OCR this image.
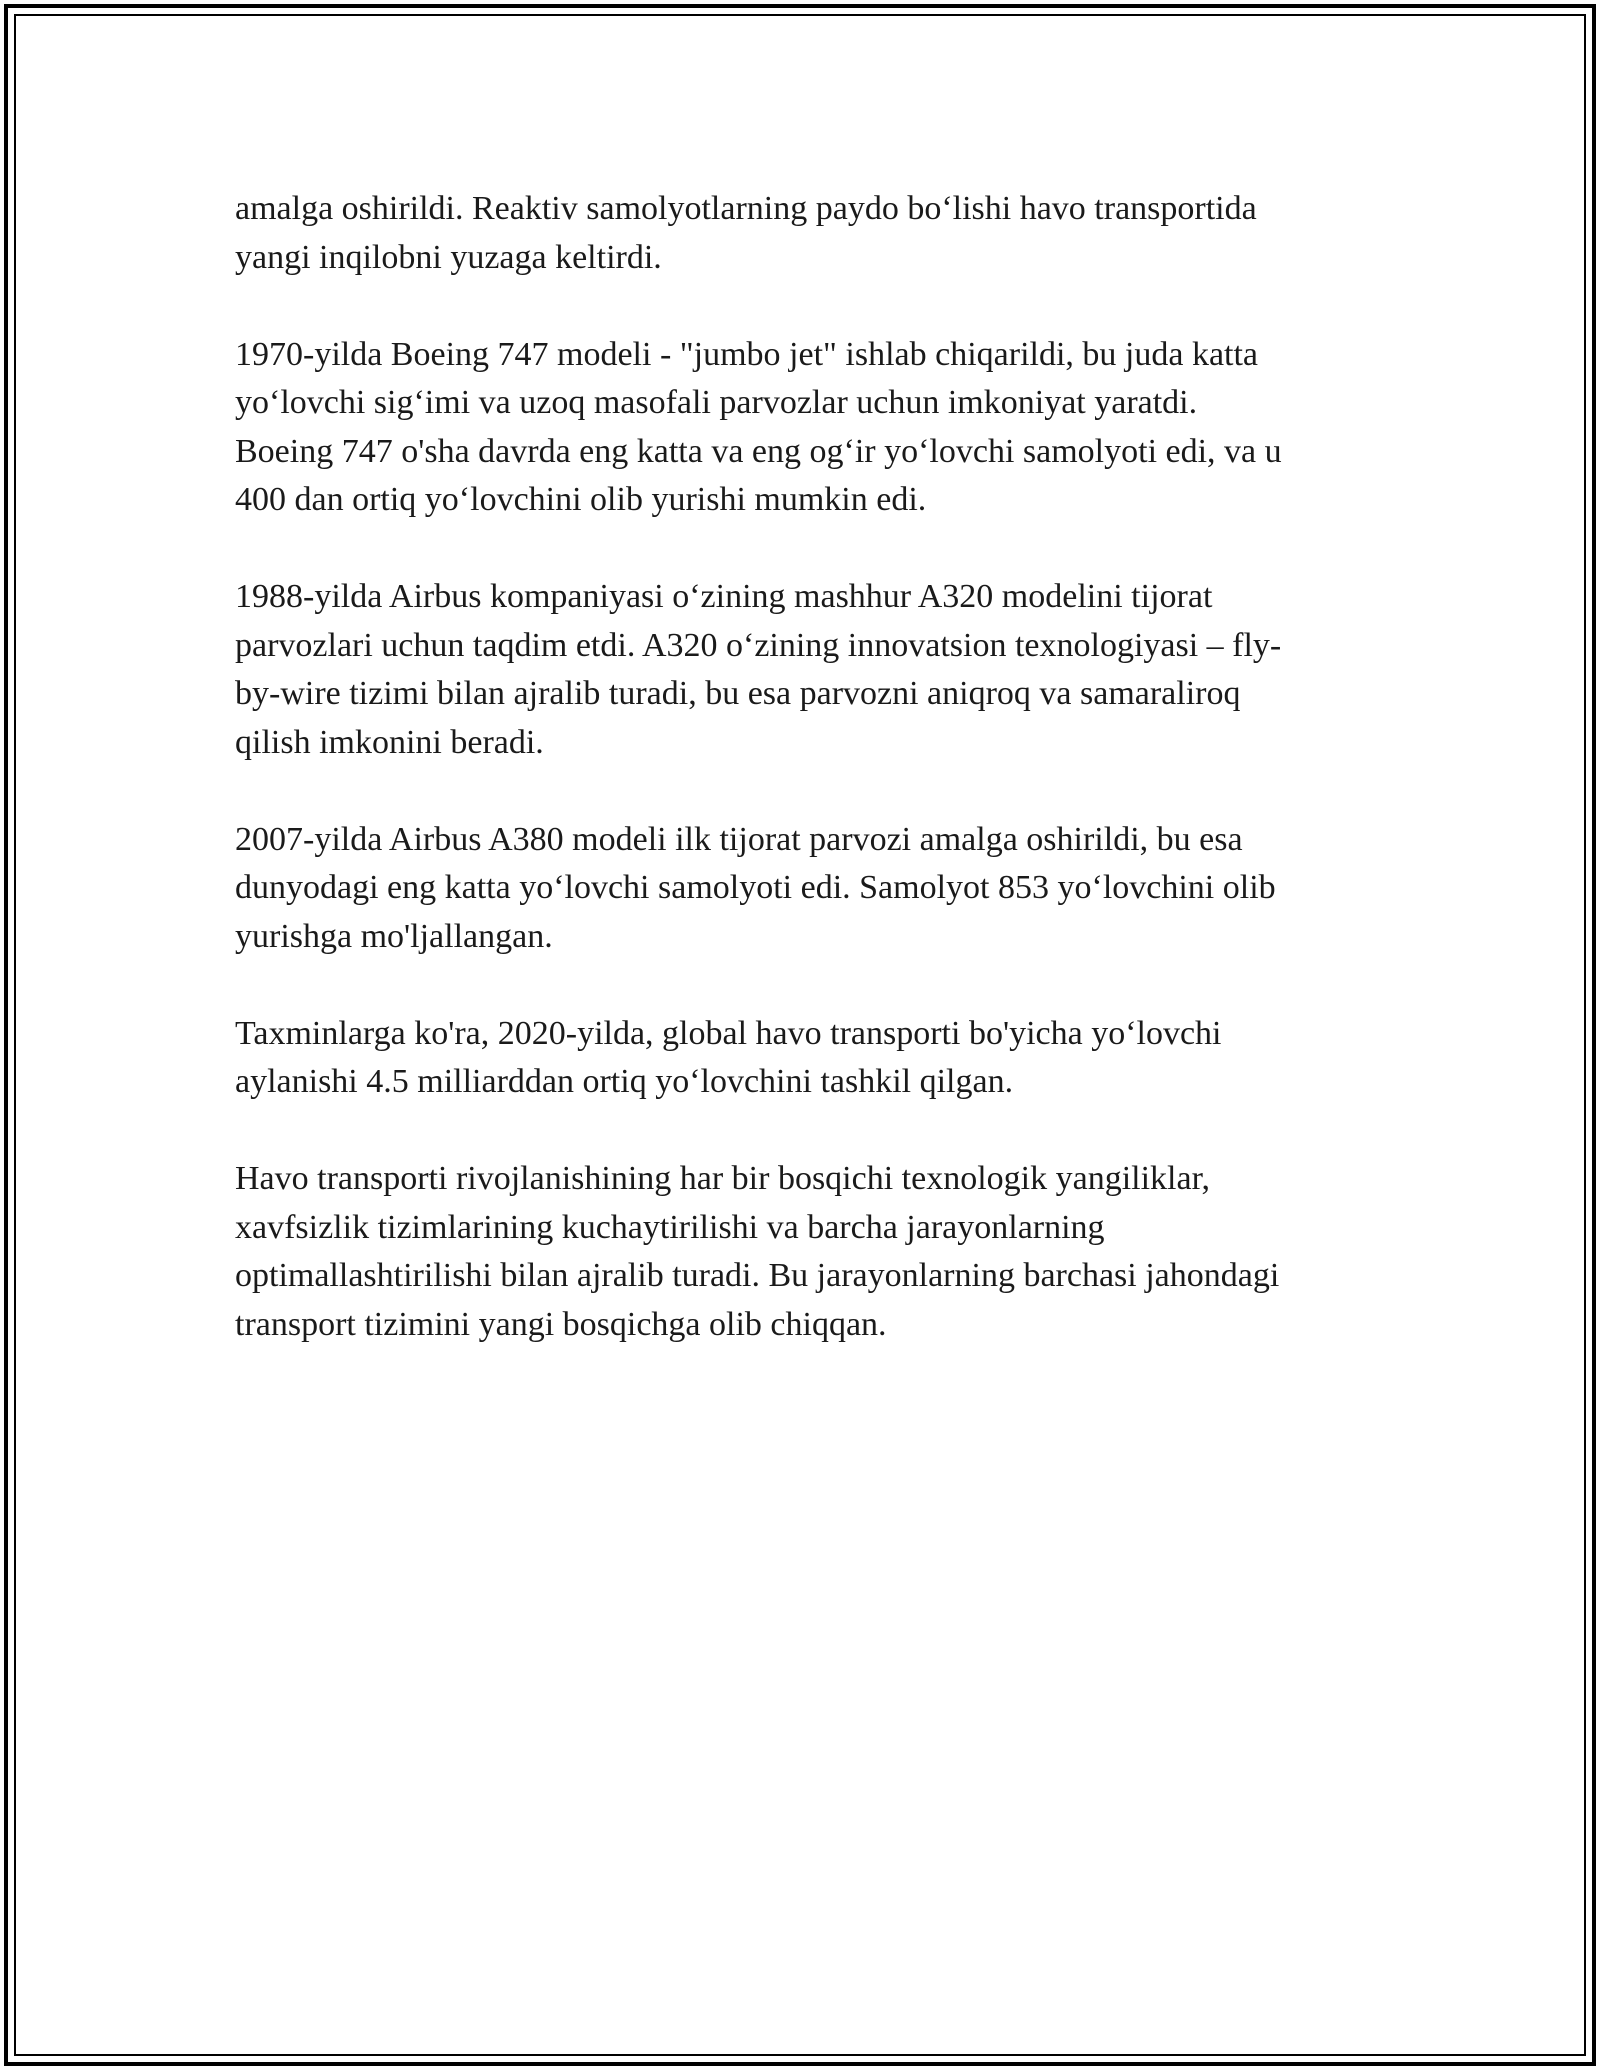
amalga oshirildi. Reaktiv samolyotlarning paydo bo‘lishi havo transportida
yangi inqilobni yuzaga keltirdi.

1970-yilda Boeing 747 modeli - "jumbo jet" ishlab chiqarildi, bu juda katta
yo‘lovchi sig‘imi va uzoq masofali parvozlar uchun imkoniyat yaratdi.
Boeing 747 o'sha davrda eng katta va eng og‘ir yo‘lovchi samolyoti edi, va u
400 dan ortiq yo‘lovchini olib yurishi mumkin edi.

1988-yilda Airbus kompaniyasi o‘zining mashhur A320 modelini tijorat
parvozlari uchun taqdim etdi. A320 o‘zining innovatsion texnologiyasi – fly-
by-wire tizimi bilan ajralib turadi, bu esa parvozni aniqroq va samaraliroq
qilish imkonini beradi.

2007-yilda Airbus A380 modeli ilk tijorat parvozi amalga oshirildi, bu esa
dunyodagi eng katta yo‘lovchi samolyoti edi. Samolyot 853 yo‘lovchini olib
yurishga mo'ljallangan.

Taxminlarga ko'ra, 2020-yilda, global havo transporti bo'yicha yo‘lovchi
aylanishi 4.5 milliarddan ortiq yo‘lovchini tashkil qilgan.

Havo transporti rivojlanishining har bir bosqichi texnologik yangiliklar,
xavfsizlik tizimlarining kuchaytirilishi va barcha jarayonlarning
optimallashtirilishi bilan ajralib turadi. Bu jarayonlarning barchasi jahondagi
transport tizimini yangi bosqichga olib chiqqan.
